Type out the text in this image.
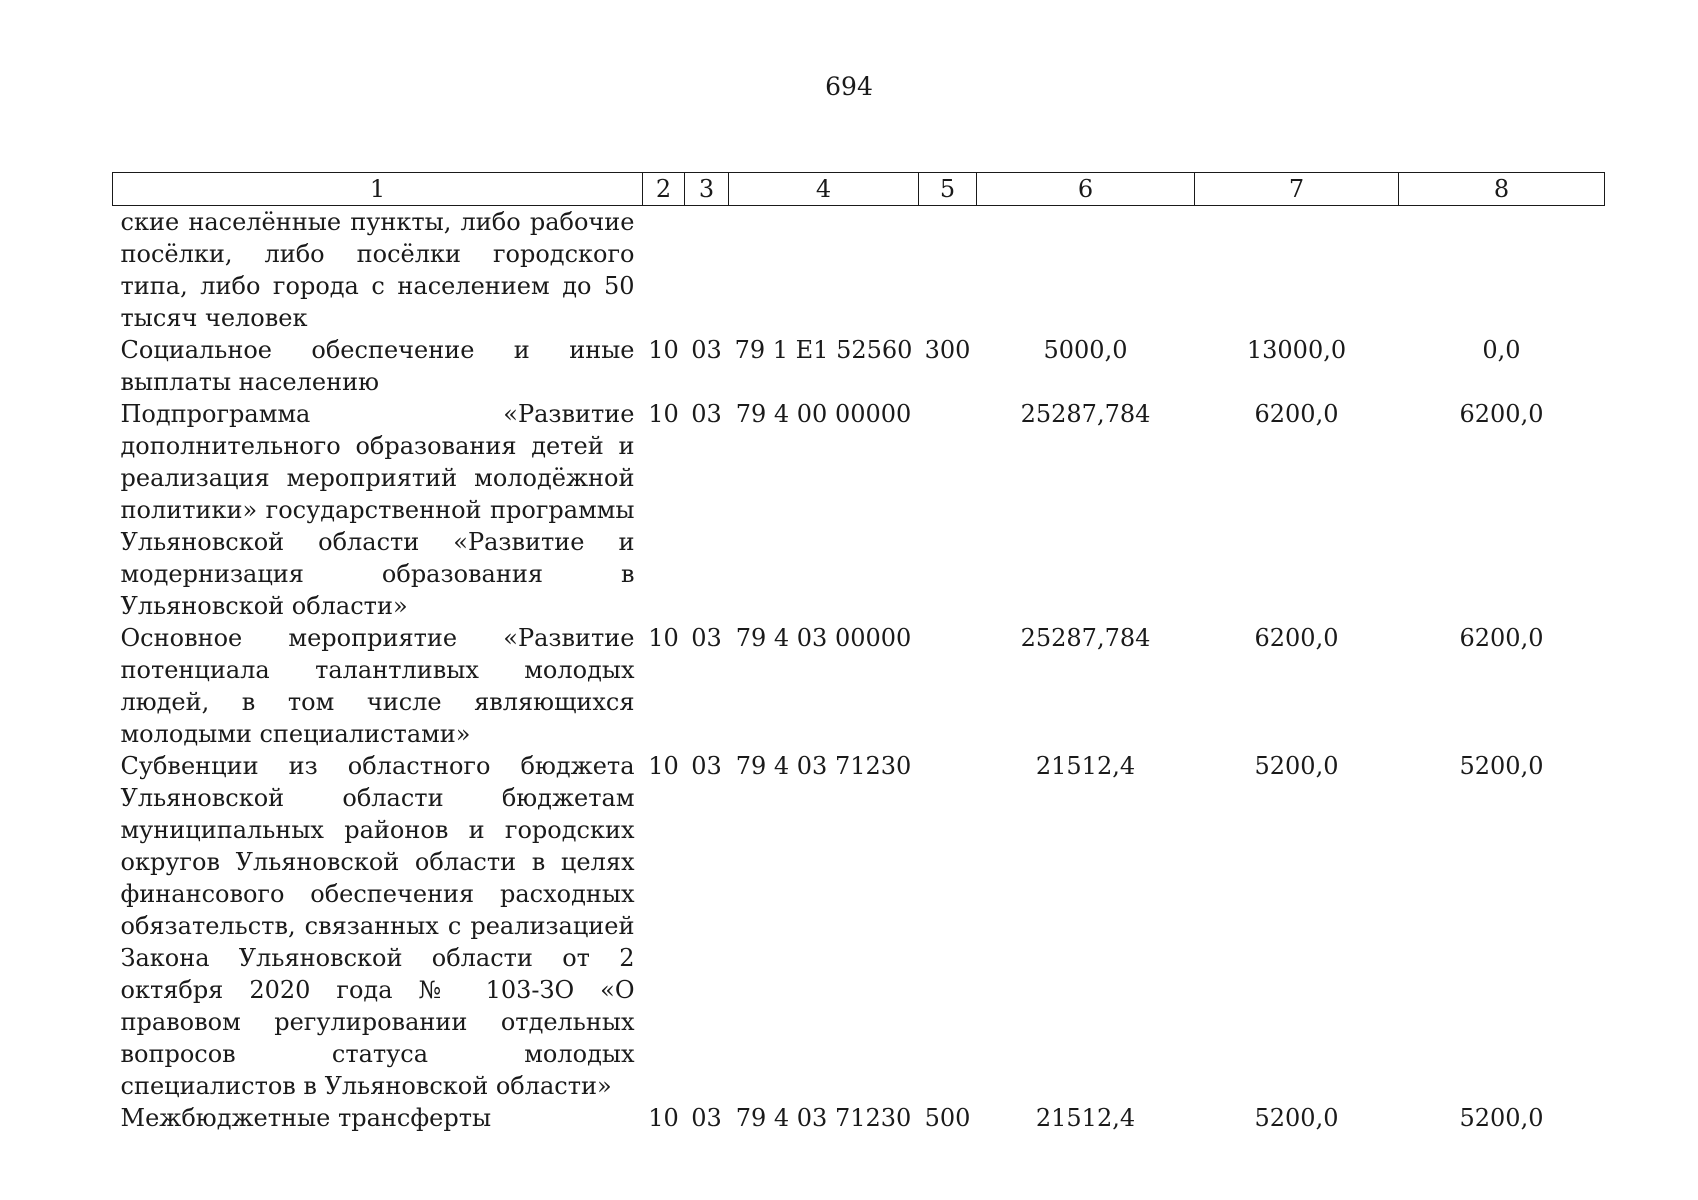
694
1	2	3	4	5	6	7	8
ские населённые пункты, либо рабочие посёлки, либо посёлки городского типа, либо города с населением до 50 тысяч человек							
Социальное обеспечение и иные выплаты населению	10	03	79 1 E1 52560	300	5000,0	13000,0	0,0
Подпрограмма «Развитие дополнительного образования детей и реализация мероприятий молодёжной политики» государственной программы Ульяновской области «Развитие и модернизация образования в Ульяновской области»	10	03	79 4 00 00000		25287,784	6200,0	6200,0
Основное мероприятие «Развитие потенциала талантливых молодых людей, в том числе являющихся молодыми специалистами»	10	03	79 4 03 00000		25287,784	6200,0	6200,0
Субвенции из областного бюджета Ульяновской области бюджетам муниципальных районов и городских округов Ульяновской области в целях финансового обеспечения расходных обязательств, связанных с реализацией Закона Ульяновской области от 2 октября 2020 года № 103-ЗО «О правовом регулировании отдельных вопросов статуса молодых специалистов в Ульяновской области»	10	03	79 4 03 71230		21512,4	5200,0	5200,0
Межбюджетные трансферты	10	03	79 4 03 71230	500	21512,4	5200,0	5200,0
